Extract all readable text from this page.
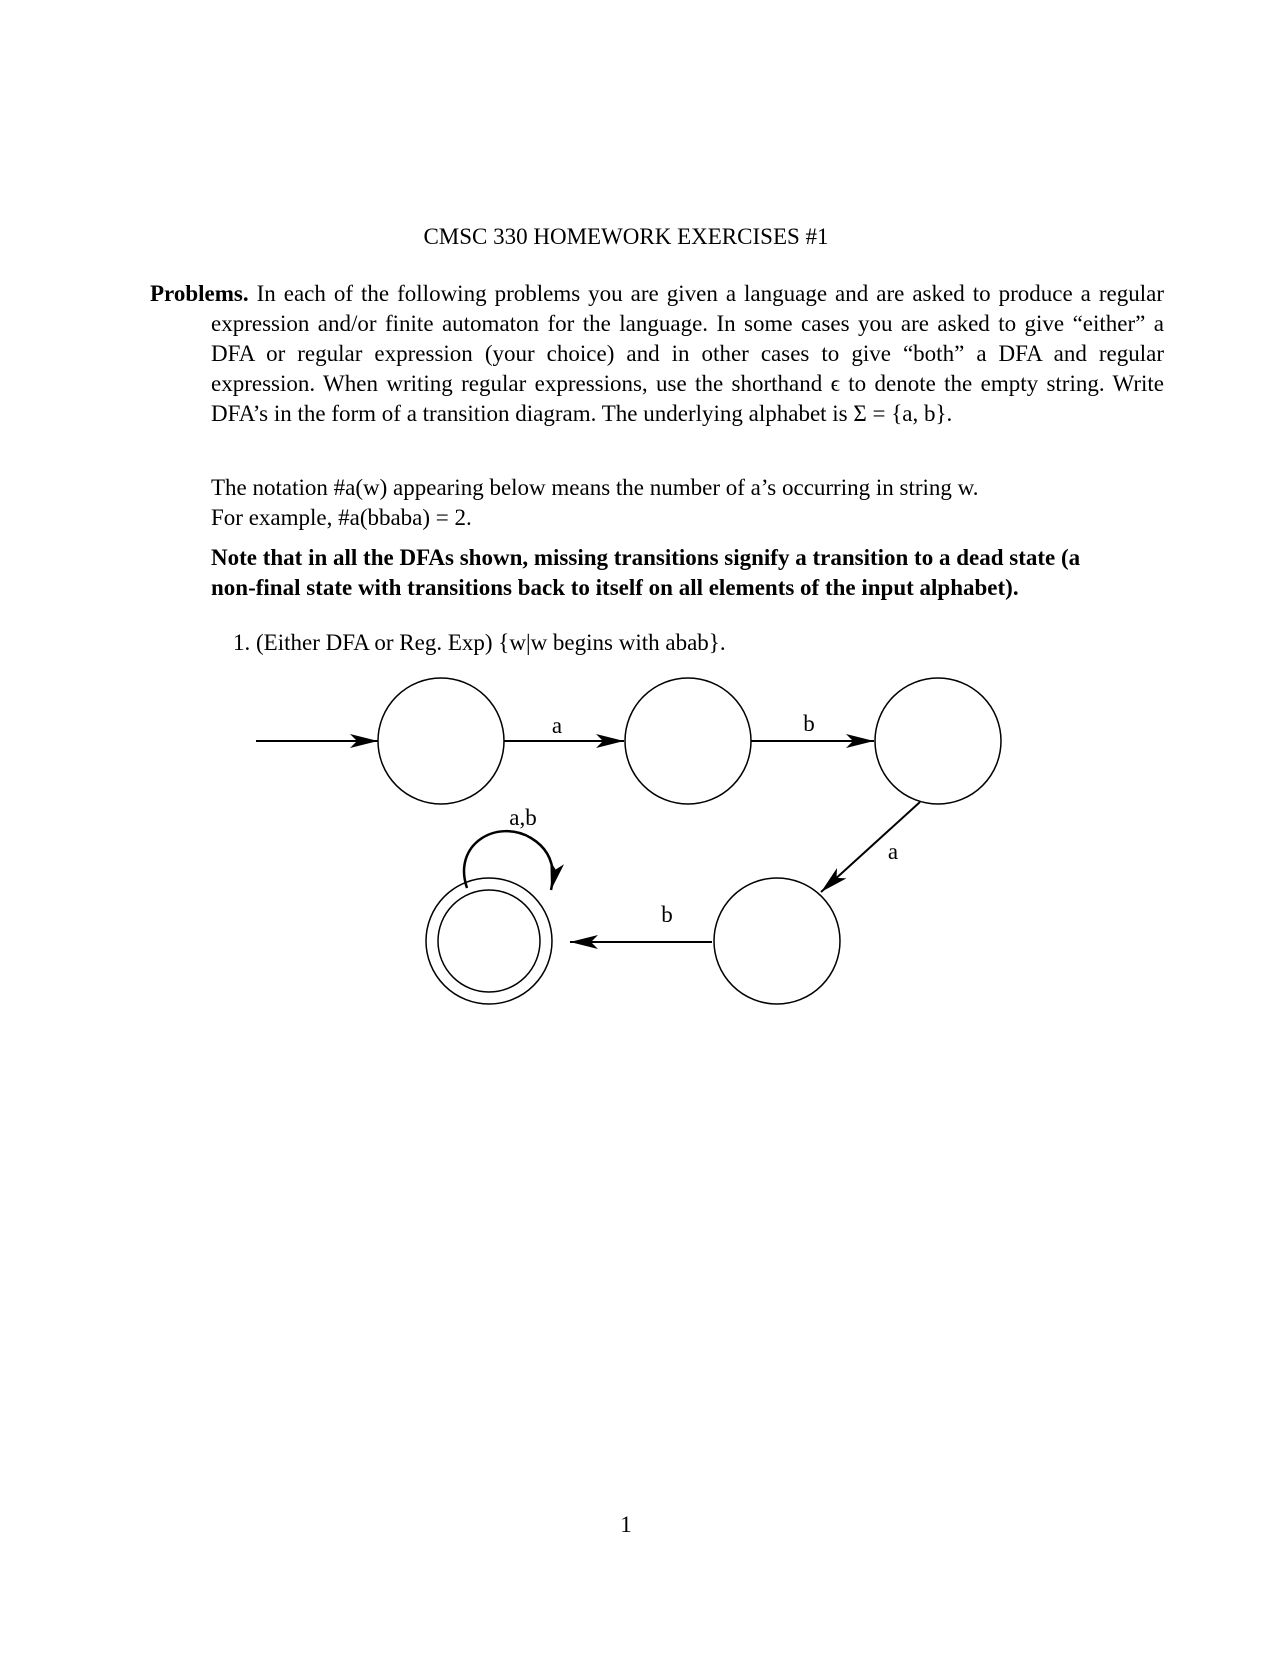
CMSC 330 HOMEWORK EXERCISES #1
Problems. In each of the following problems you are given a language and are asked to produce a regular expression and/or finite automaton for the language. In some cases you are asked to give “either” a DFA or regular expression (your choice) and in other cases to give “both” a DFA and regular expression. When writing regular expressions, use the shorthand ϵ to denote the empty string. Write DFA’s in the form of a transition diagram. The underlying alphabet is Σ = {a, b}.
The notation #a(w) appearing below means the number of a’s occurring in string w.
For example, #a(bbaba) = 2.
Note that in all the DFAs shown, missing transitions signify a transition to a dead state (a non-final state with transitions back to itself on all elements of the input alphabet).
1. (Either DFA or Reg. Exp) {w|w begins with abab}.
a	b
a
b
a,b
1
